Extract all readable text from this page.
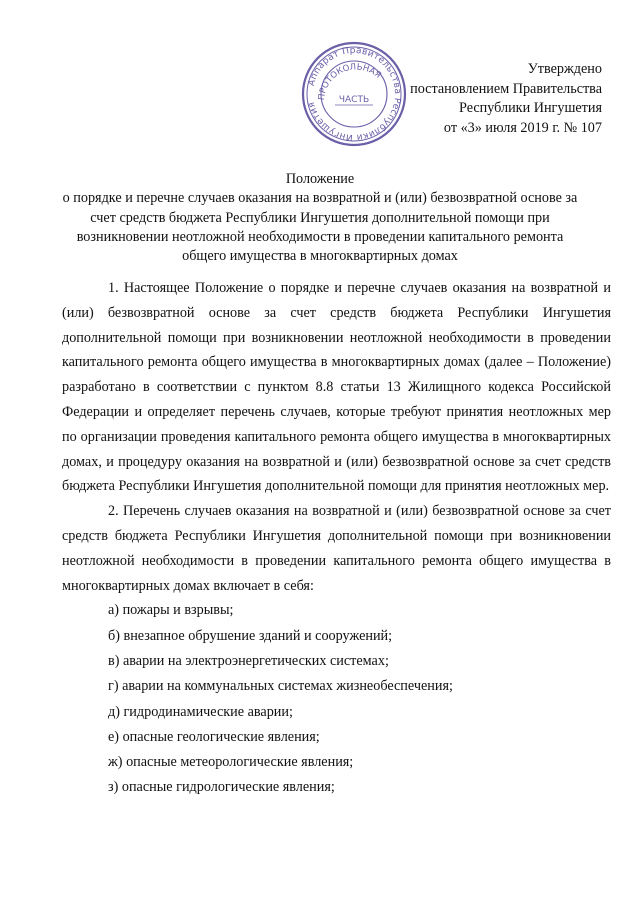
Аппарат Правительства Республики Ингушетия
ПРОТОКОЛЬНАЯ
ЧАСТЬ
Утверждено
постановлением Правительства
Республики Ингушетия
от «3» июля 2019 г. № 107
Положение
о порядке и перечне случаев оказания на возвратной и (или) безвозвратной основе за
счет средств бюджета Республики Ингушетия дополнительной помощи при
возникновении неотложной необходимости в проведении капитального ремонта
общего имущества в многоквартирных домах

1. Настоящее Положение о порядке и перечне случаев оказания на возвратной и (или) безвозвратной основе за счет средств бюджета Республики Ингушетия дополнительной помощи при возникновении неотложной необходимости в проведении капитального ремонта общего имущества в многоквартирных домах (далее – Положение) разработано в соответствии с пунктом 8.8 статьи 13 Жилищного кодекса Российской Федерации и определяет перечень случаев, которые требуют принятия неотложных мер по организации проведения капитального ремонта общего имущества в многоквартирных домах, и процедуру оказания на возвратной и (или) безвозвратной основе за счет средств бюджета Республики Ингушетия дополнительной помощи для принятия неотложных мер.

2. Перечень случаев оказания на возвратной и (или) безвозвратной основе за счет средств бюджета Республики Ингушетия дополнительной помощи при возникновении неотложной необходимости в проведении капитального ремонта общего имущества в многоквартирных домах включает в себя:

а) пожары и взрывы;
б) внезапное обрушение зданий и сооружений;
в) аварии на электроэнергетических системах;
г) аварии на коммунальных системах жизнеобеспечения;
д) гидродинамические аварии;
е) опасные геологические явления;
ж) опасные метеорологические явления;
з) опасные гидрологические явления;
